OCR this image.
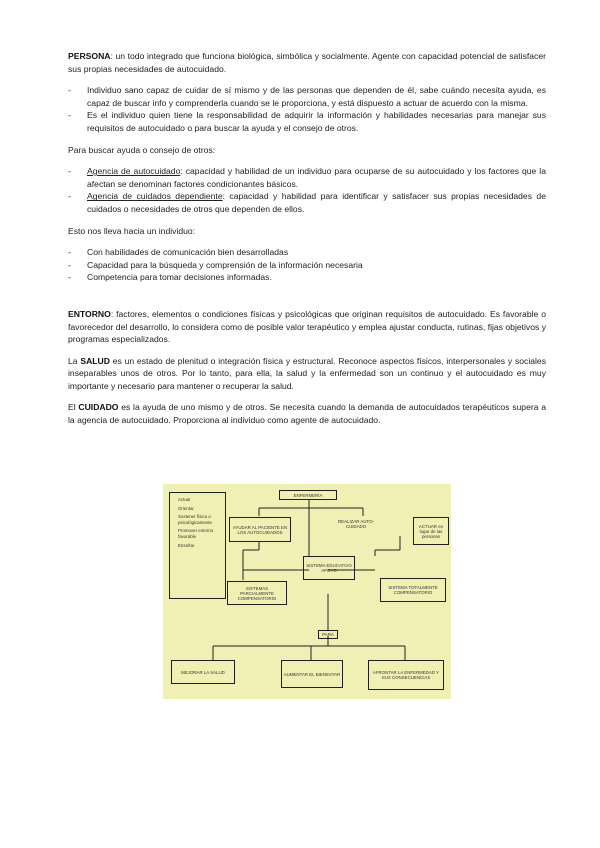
PERSONA: un todo integrado que funciona biológica, simbólica y socialmente. Agente con capacidad potencial de satisfacer sus propias necesidades de autocuidado.

- Individuo sano capaz de cuidar de sí mismo y de las personas que dependen de él, sabe cuándo necesita ayuda, es capaz de buscar info y comprenderla cuando se le proporciona, y está dispuesto a actuar de acuerdo con la misma.
- Es el individuo quien tiene la responsabilidad de adquirir la información y habilidades necesarias para manejar sus requisitos de autocuidado o para buscar la ayuda y el consejo de otros.

Para buscar ayuda o consejo de otros:

- Agencia de autocuidado: capacidad y habilidad de un individuo para ocuparse de su autocuidado y los factores que la afectan se denominan factores condicionantes básicos.
- Agencia de cuidados dependiente: capacidad y habilidad para identificar y satisfacer sus propias necesidades de cuidados o necesidades de otros que dependen de ellos.

Esto nos lleva hacia un individuo:

- Con habilidades de comunicación bien desarrolladas
- Capacidad para la búsqueda y comprensión de la información necesaria
- Competencia para tomar decisiones informadas.

ENTORNO: factores, elementos o condiciones físicas y psicológicas que originan requisitos de autocuidado. Es favorable o favorecedor del desarrollo, lo considera como de posible valor terapéutico y emplea ajustar conducta, rutinas, fijas objetivos y programas especializados.

La SALUD es un estado de plenitud o integración física y estructural. Reconoce aspectos físicos, interpersonales y sociales inseparables unos de otros. Por lo tanto, para ella, la salud y la enfermedad son un continuo y el autocuidado es muy importante y necesario para mantener o recuperar la salud.

El CUIDADO es la ayuda de uno mismo y de otros. Se necesita cuando la demanda de autocuidados terapéuticos supera a la agencia de autocuidado. Proporciona al individuo como agente de autocuidado.

• Actuar
• Orientar
• Sostener física o psicológicamente
• Promover entorno favorable
• Enseñar
ENFERMERÍA
AYUDAR AL PACIENTE EN LOS AUTOCUIDADOS
REALIZAR AUTO-CUIDADO	ACTUAR en lugar de las personas
SISTEMAS PARCIALMENTE COMPENSATORIO
SISTEMA EDUCATIVO APOYO
SISTEMA TOTALMENTE COMPENSATORIO
PARA
MEJORAR LA SALUD	AUMENTAR EL BIENESTAR	AFRONTAR LA ENFERMEDAD Y SUS CONSECUENCIAS
